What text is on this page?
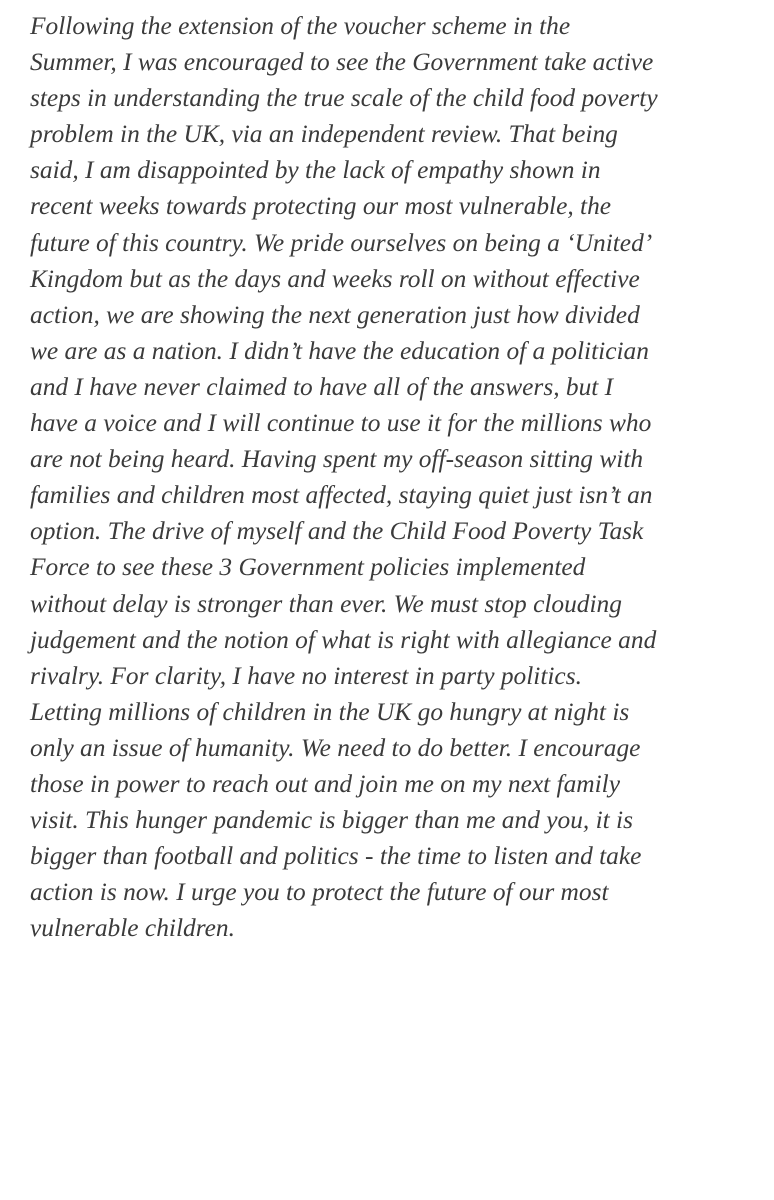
Following the extension of the voucher scheme in the
Summer, I was encouraged to see the Government take active
steps in understanding the true scale of the child food poverty
problem in the UK, via an independent review. That being
said, I am disappointed by the lack of empathy shown in
recent weeks towards protecting our most vulnerable, the
future of this country. We pride ourselves on being a ‘United’
Kingdom but as the days and weeks roll on without effective
action, we are showing the next generation just how divided
we are as a nation. I didn’t have the education of a politician
and I have never claimed to have all of the answers, but I
have a voice and I will continue to use it for the millions who
are not being heard. Having spent my off-season sitting with
families and children most affected, staying quiet just isn’t an
option. The drive of myself and the Child Food Poverty Task
Force to see these 3 Government policies implemented
without delay is stronger than ever. We must stop clouding
judgement and the notion of what is right with allegiance and
rivalry. For clarity, I have no interest in party politics.
Letting millions of children in the UK go hungry at night is
only an issue of humanity. We need to do better. I encourage
those in power to reach out and join me on my next family
visit. This hunger pandemic is bigger than me and you, it is
bigger than football and politics - the time to listen and take
action is now. I urge you to protect the future of our most
vulnerable children.
